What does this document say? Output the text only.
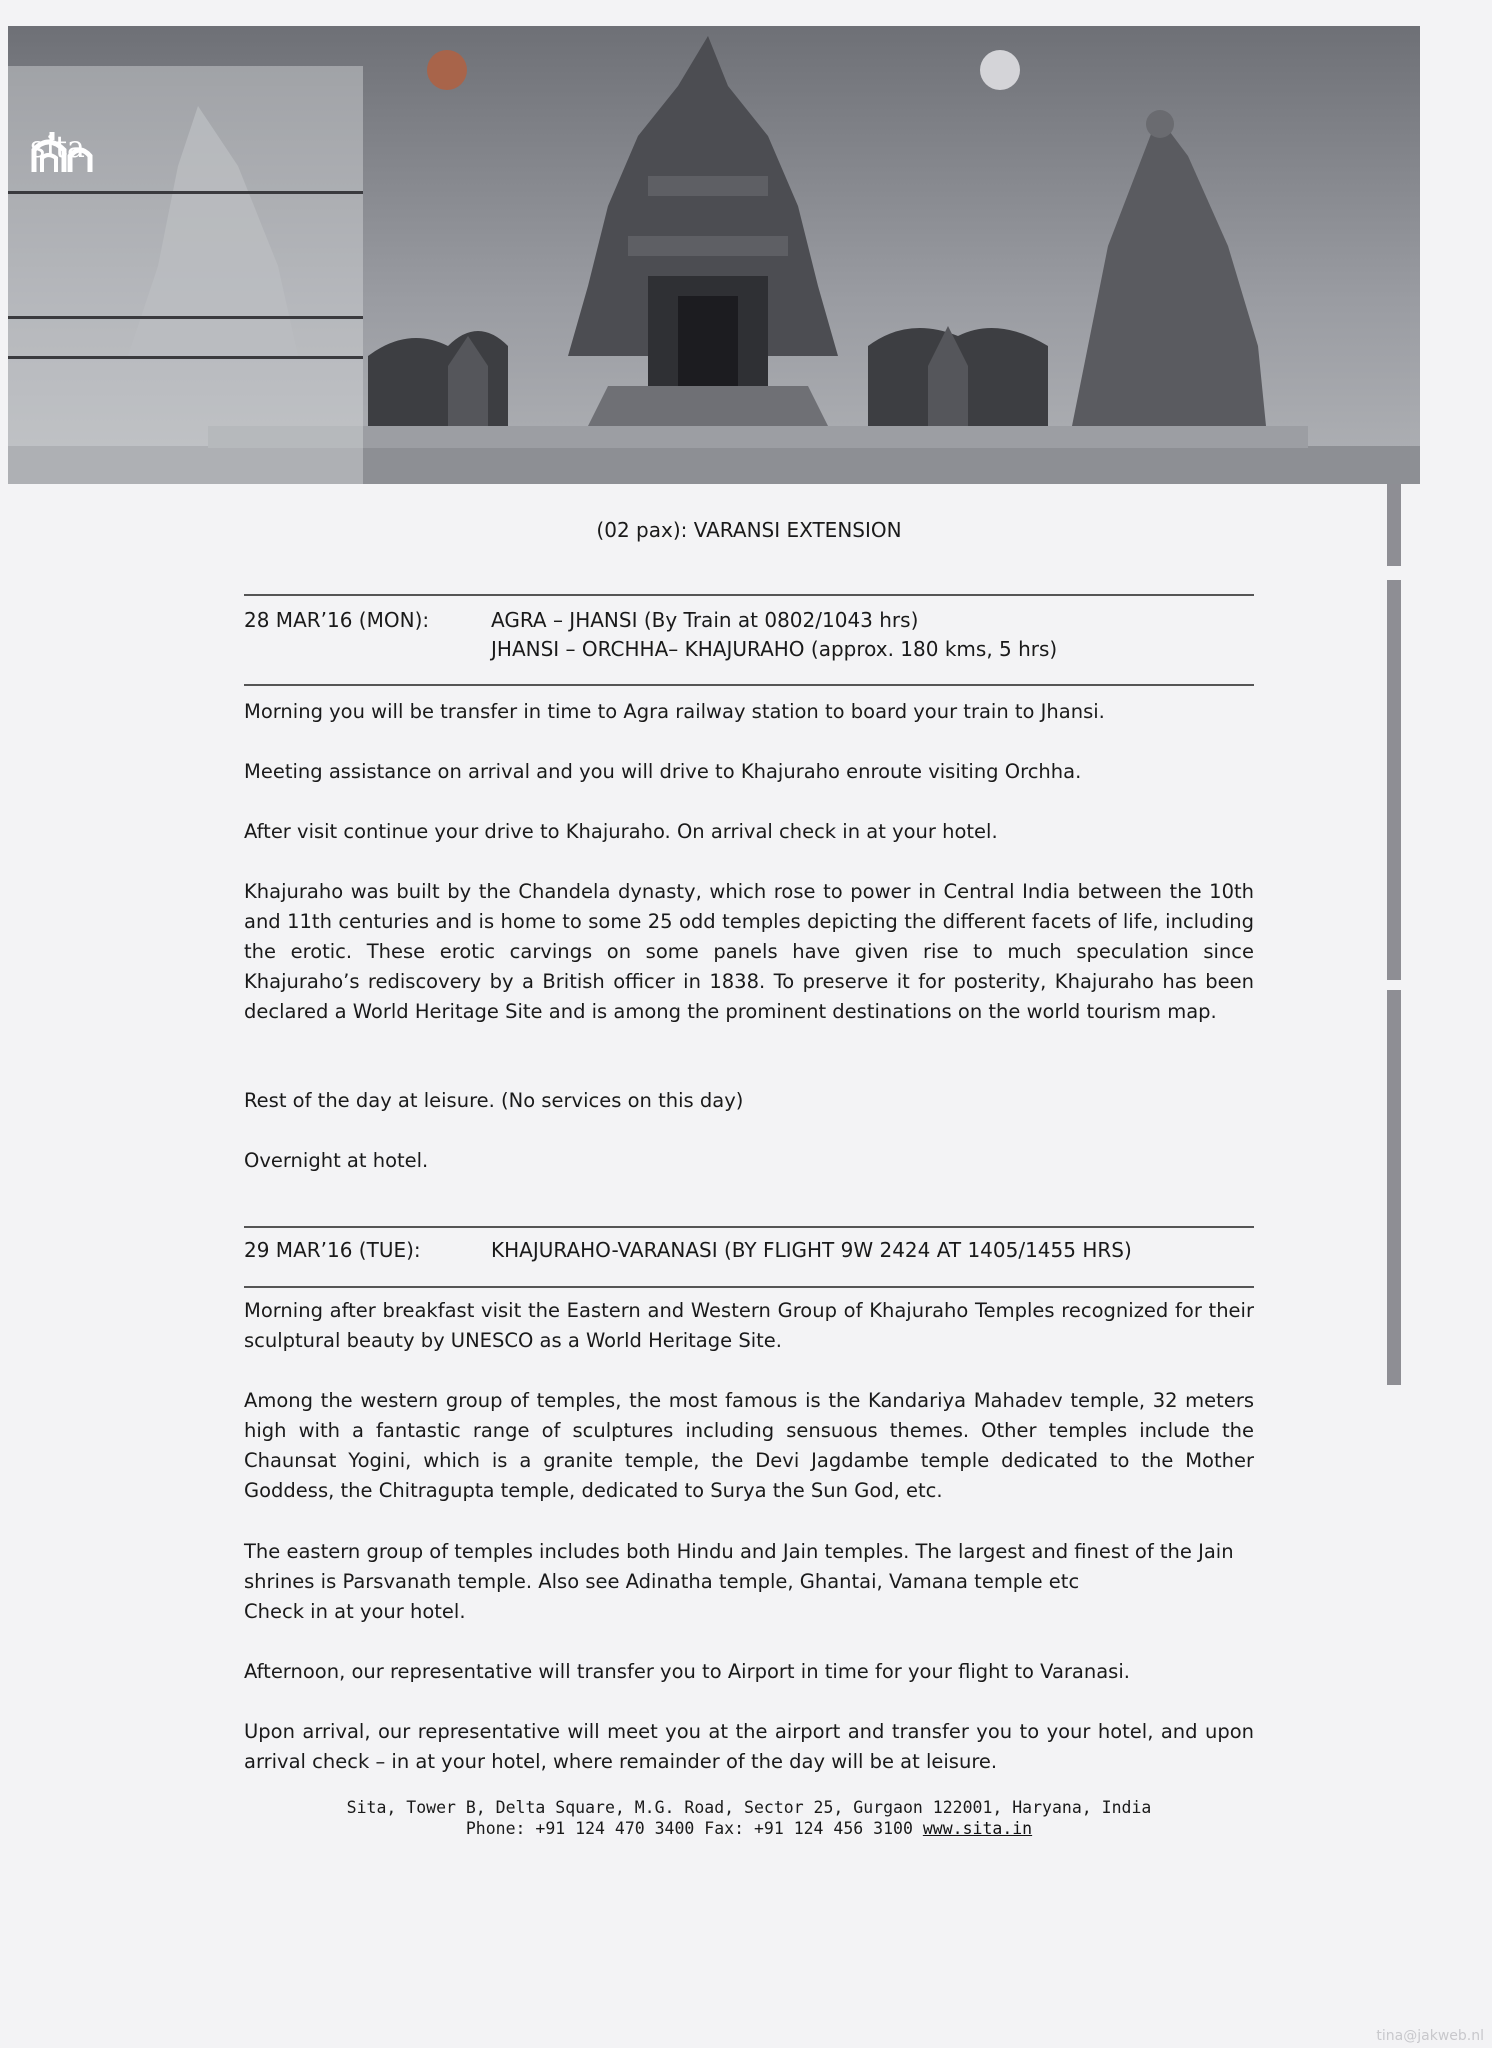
sita
(02 pax): VARANSI EXTENSION
28 MAR’16 (MON):	AGRA – JHANSI (By Train at 0802/1043 hrs)
JHANSI – ORCHHA– KHAJURAHO (approx. 180 kms, 5 hrs)
Morning you will be transfer in time to Agra railway station to board your train to Jhansi.
Meeting assistance on arrival and you will drive to Khajuraho enroute visiting Orchha.
After visit continue your drive to Khajuraho. On arrival check in at your hotel.
Khajuraho was built by the Chandela dynasty, which rose to power in Central India between the 10th and 11th centuries and is home to some 25 odd temples depicting the different facets of life, including the erotic. These erotic carvings on some panels have given rise to much speculation since Khajuraho’s rediscovery by a British officer in 1838. To preserve it for posterity, Khajuraho has been declared a World Heritage Site and is among the prominent destinations on the world tourism map.
Rest of the day at leisure. (No services on this day)
Overnight at hotel.
29 MAR’16 (TUE):	KHAJURAHO-VARANASI (BY FLIGHT 9W 2424 AT 1405/1455 HRS)
Morning after breakfast visit the Eastern and Western Group of Khajuraho Temples recognized for their sculptural beauty by UNESCO as a World Heritage Site.
Among the western group of temples, the most famous is the Kandariya Mahadev temple, 32 meters high with a fantastic range of sculptures including sensuous themes. Other temples include the Chaunsat Yogini, which is a granite temple, the Devi Jagdambe temple dedicated to the Mother Goddess, the Chitragupta temple, dedicated to Surya the Sun God, etc.
The eastern group of temples includes both Hindu and Jain temples. The largest and finest of the Jain shrines is Parsvanath temple. Also see Adinatha temple, Ghantai, Vamana temple etc
Check in at your hotel.
Afternoon, our representative will transfer you to Airport in time for your flight to Varanasi.
Upon arrival, our representative will meet you at the airport and transfer you to your hotel, and upon arrival check – in at your hotel, where remainder of the day will be at leisure.
Sita, Tower B, Delta Square, M.G. Road, Sector 25, Gurgaon 122001, Haryana, India
Phone: +91 124 470 3400 Fax: +91 124 456 3100 www.sita.in
tina@jakweb.nl
